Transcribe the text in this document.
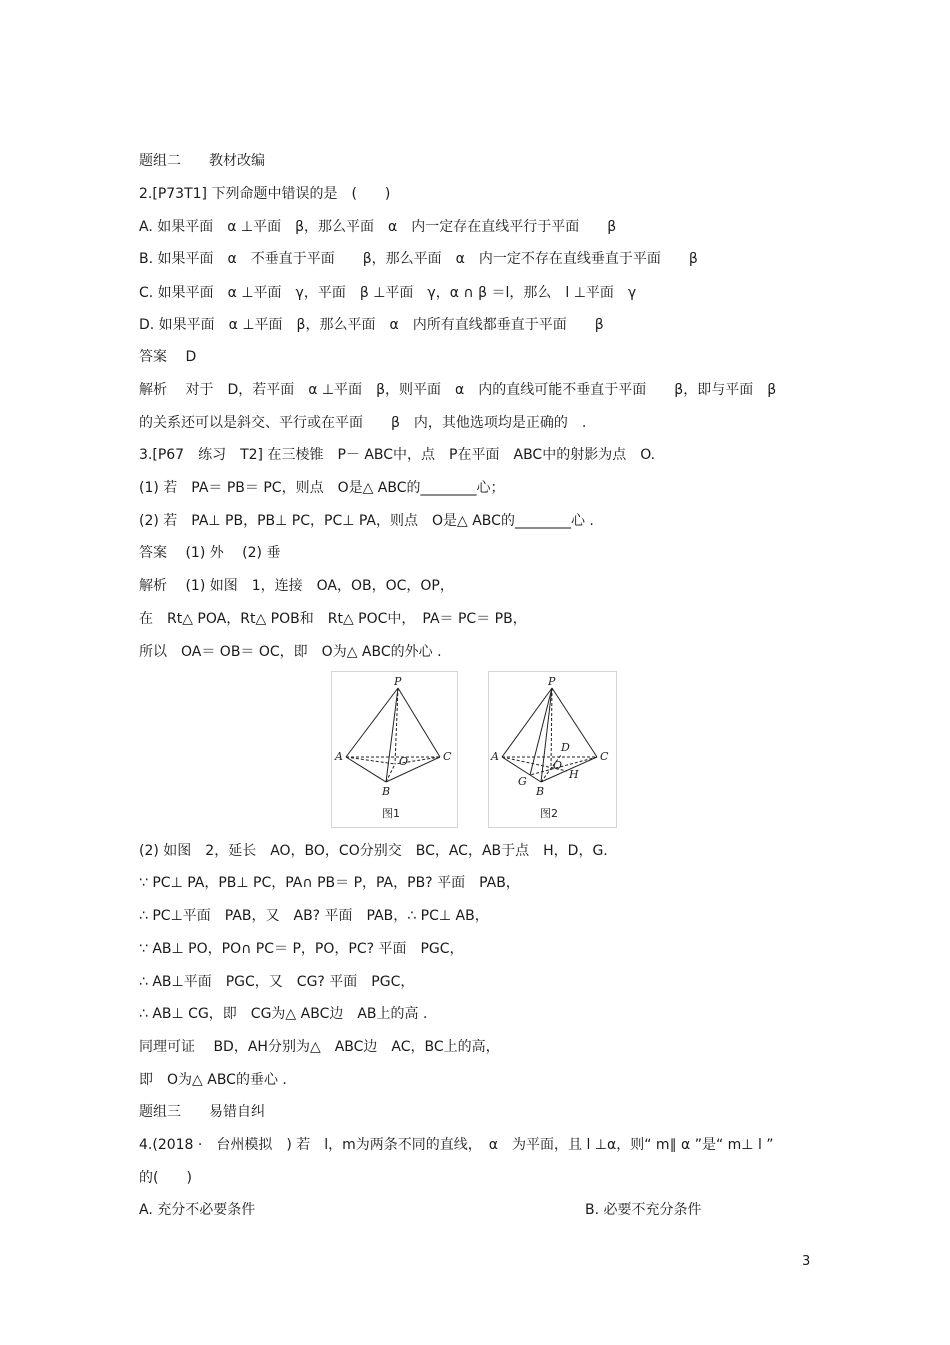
题组二　　教材改编
2.[P73T1] 下列命题中错误的是　(　　)
A. 如果平面　α ⊥平面　β，那么平面　α　内一定存在直线平行于平面　　β
B. 如果平面　α　不垂直于平面　　β，那么平面　α　内一定不存在直线垂直于平面　　β
C. 如果平面　α ⊥平面　γ，平面　β ⊥平面　γ，α ∩ β ＝l，那么　l ⊥平面　γ
D. 如果平面　α ⊥平面　β，那么平面　α　内所有直线都垂直于平面　　β
答案　 D
解析　 对于　D，若平面　α ⊥平面　β，则平面　α　内的直线可能不垂直于平面　　β，即与平面　β
的关系还可以是斜交、平行或在平面　　β　内，其他选项均是正确的　.
3.[P67　练习　T2] 在三棱锥　P－ ABC中，点　P在平面　ABC中的射影为点　O.
(1) 若　PA＝ PB＝ PC，则点　O是△ ABC的________心；
(2) 若　PA⊥ PB，PB⊥ PC，PC⊥ PA，则点　O是△ ABC的________心 .
答案　 (1) 外　 (2) 垂
解析　 (1) 如图　1，连接　OA，OB，OC，OP，
在　Rt△ POA，Rt△ POB和　Rt△ POC中，　PA＝ PC＝ PB，
所以　OA＝ OB＝ OC，即　O为△ ABC的外心 .
(2) 如图　2，延长　AO，BO，CO分别交　BC，AC，AB于点　H，D，G.
∵ PC⊥ PA，PB⊥ PC，PA∩ PB＝ P，PA，PB? 平面　PAB，
∴ PC⊥平面　PAB，又　AB? 平面　PAB，∴ PC⊥ AB，
∵ AB⊥ PO，PO∩ PC＝ P，PO，PC? 平面　PGC，
∴ AB⊥平面　PGC，又　CG? 平面　PGC，
∴ AB⊥ CG，即　CG为△ ABC边　AB上的高 .
同理可证　 BD，AH分别为△　ABC边　AC，BC上的高，
即　O为△ ABC的垂心 .
题组三　　易错自纠
4.(2018 ·　台州模拟　) 若　l，m为两条不同的直线，　α　为平面，且 l ⊥α，则“ m∥ α ”是“ m⊥ l ”
的(　　)
A. 充分不必要条件	B. 必要不充分条件
P
A
B
C
O
图1
P
A
B
C
O
D
G
H
图2
3
